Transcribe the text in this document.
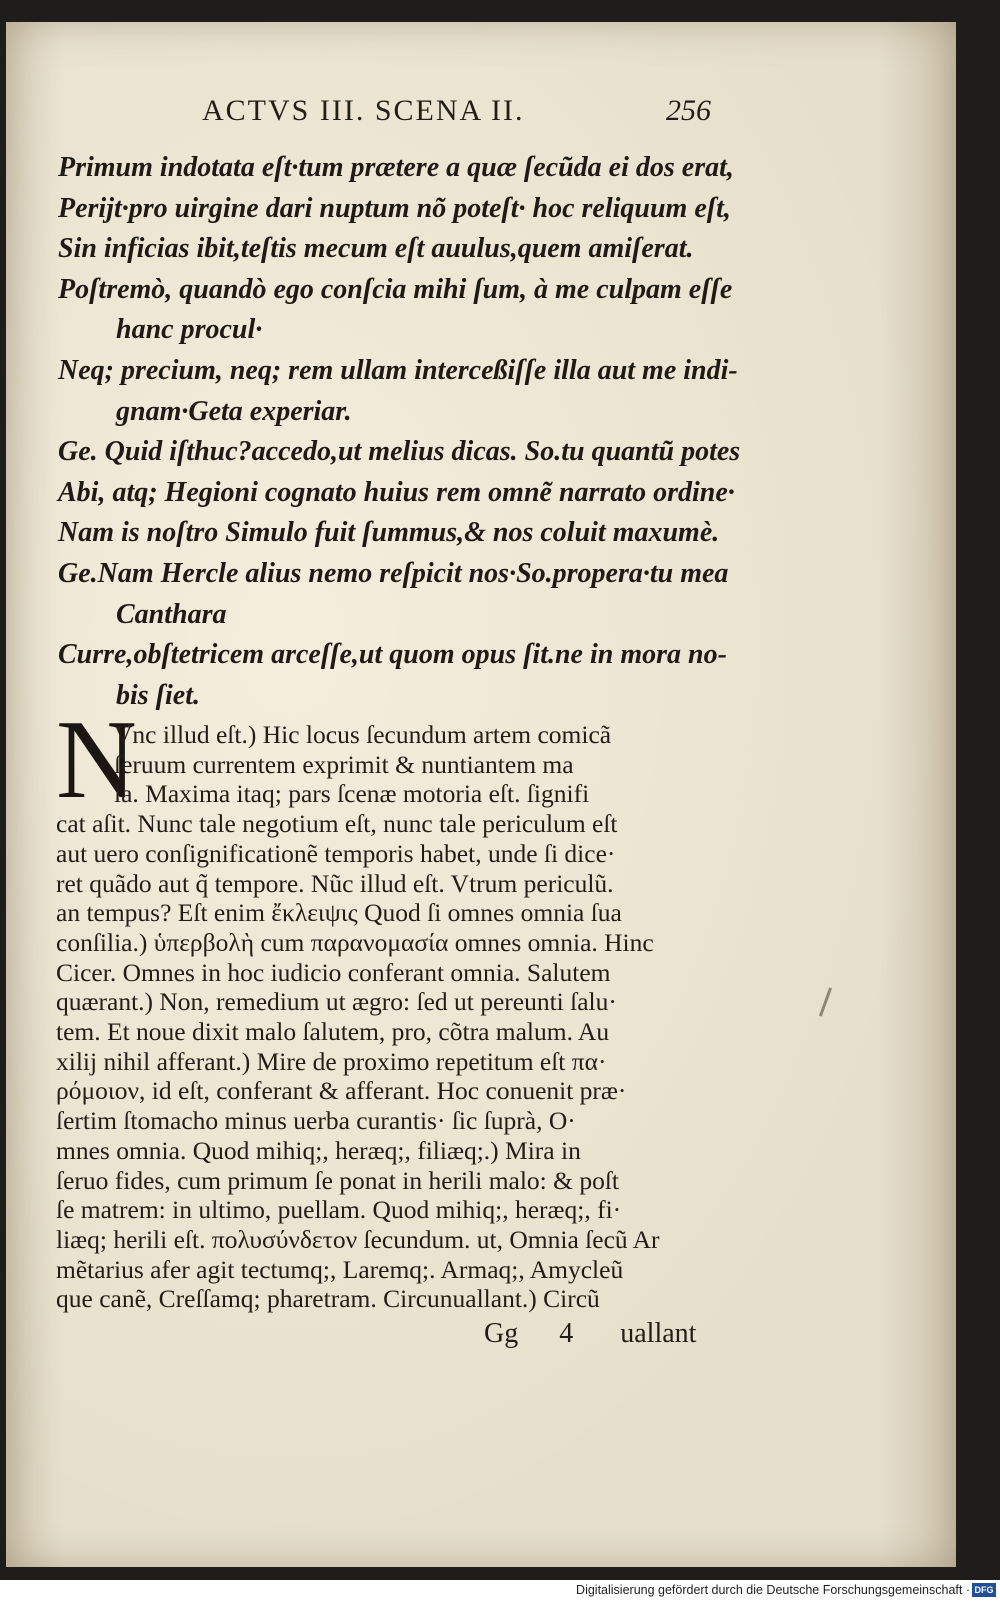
ACTVS III. SCENA II.	256
Primum indotata eſt·tum prætere a quæ ſecũda ei dos erat,
Perijt·pro uirgine dari nuptum nõ poteſt· hoc reliquum eſt,
Sin inficias ibit,teſtis mecum eſt auulus,quem amiſerat.
Poſtremò, quandò ego conſcia mihi ſum, à me culpam eſſe
hanc procul·
Neq; precium, neq; rem ullam interceßiſſe illa aut me indi-
gnam·Geta experiar.
Ge. Quid iſthuc?accedo,ut melius dicas. So.tu quantũ potes
Abi, atq; Hegioni cognato huius rem omnẽ narrato ordine·
Nam is noſtro Simulo fuit ſummus,& nos coluit maxumè.
Ge.Nam Hercle alius nemo reſpicit nos·So.propera·tu mea
Canthara
Curre,obſtetricem arceſſe,ut quom opus ſit.ne in mora no-
bis ſiet.
N
Vnc illud eſt.) Hic locus ſecundum artem comicã
ſeruum currentem exprimit & nuntiantem ma
la. Maxima itaq; pars ſcenæ motoria eſt. ſignifi
cat aſit. Nunc tale negotium eſt, nunc tale periculum eſt
aut uero conſignificationẽ temporis habet, unde ſi dice·
ret quãdo aut q̃ tempore. Nũc illud eſt. Vtrum periculũ.
an tempus? Eſt enim ἔκλειψις Quod ſi omnes omnia ſua
conſilia.) ὑπερβολὴ cum παρανομασία omnes omnia. Hinc
Cicer. Omnes in hoc iudicio conferant omnia. Salutem
quærant.) Non, remedium ut ægro: ſed ut pereunti ſalu·
tem. Et noue dixit malo ſalutem, pro, cõtra malum. Au
xilij nihil afferant.) Mire de proximo repetitum eſt πα·
ρόμοιον, id eſt, conferant & afferant. Hoc conuenit præ·
ſertim ſtomacho minus uerba curantis· ſic ſuprà, O·
mnes omnia. Quod mihiq;, heræq;, filiæq;.) Mira in
ſeruo fides, cum primum ſe ponat in herili malo: & poſt
ſe matrem: in ultimo, puellam. Quod mihiq;, heræq;, fi·
liæq; herili eſt. πολυσύνδετον ſecundum. ut, Omnia ſecũ Ar
mẽtarius afer agit tectumq;, Laremq;. Armaq;, Amycleũ
que canẽ, Creſſamq; pharetram. Circunuallant.) Circũ
Gg 4 uallant
Digitalisierung gefördert durch die Deutsche Forschungsgemeinschaft · DFG
